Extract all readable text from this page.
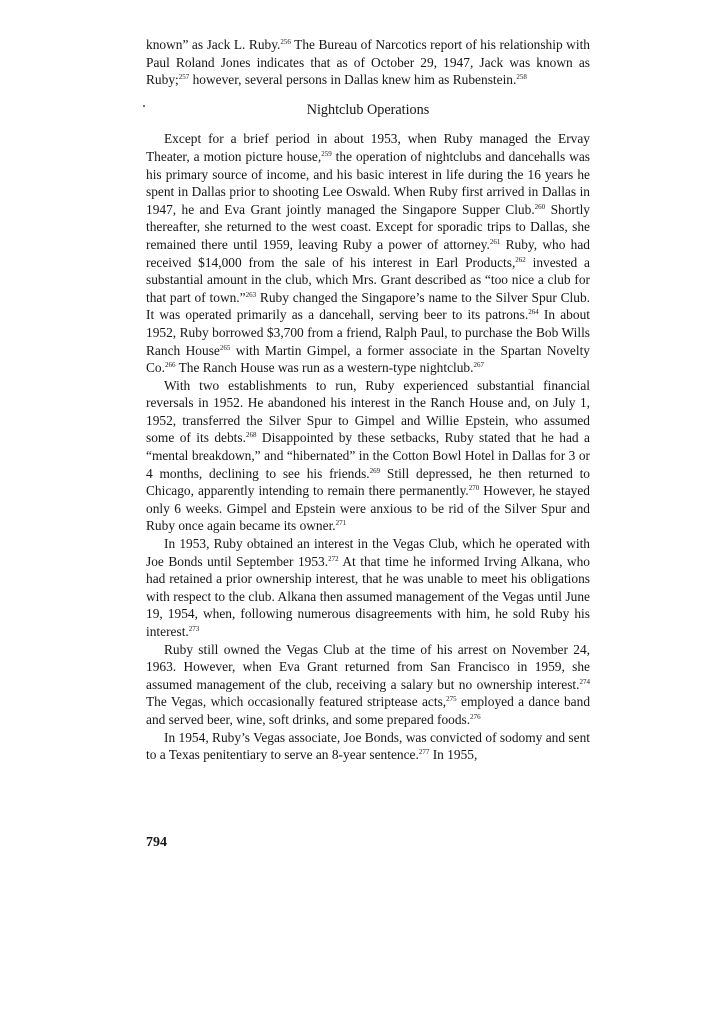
known” as Jack L. Ruby.$^{256}$ The Bureau of Narcotics report of his relationship with Paul Roland Jones indicates that as of October 29, 1947, Jack was known as Ruby;$^{257}$ however, several persons in Dallas knew him as Rubenstein.$^{258}$

Nightclub Operations

Except for a brief period in about 1953, when Ruby managed the Ervay Theater, a motion picture house,$^{259}$ the operation of nightclubs and dancehalls was his primary source of income, and his basic interest in life during the 16 years he spent in Dallas prior to shooting Lee Oswald. When Ruby first arrived in Dallas in 1947, he and Eva Grant jointly managed the Singapore Supper Club.$^{260}$ Shortly thereafter, she returned to the west coast. Except for sporadic trips to Dallas, she remained there until 1959, leaving Ruby a power of attorney.$^{261}$ Ruby, who had received $14,000 from the sale of his interest in Earl Products,$^{262}$ invested a substantial amount in the club, which Mrs. Grant described as “too nice a club for that part of town.”$^{263}$ Ruby changed the Singapore’s name to the Silver Spur Club. It was operated primarily as a dancehall, serving beer to its patrons.$^{264}$ In about 1952, Ruby borrowed $3,700 from a friend, Ralph Paul, to purchase the Bob Wills Ranch House$^{265}$ with Martin Gimpel, a former associate in the Spartan Novelty Co.$^{266}$ The Ranch House was run as a western-type nightclub.$^{267}$

With two establishments to run, Ruby experienced substantial financial reversals in 1952. He abandoned his interest in the Ranch House and, on July 1, 1952, transferred the Silver Spur to Gimpel and Willie Epstein, who assumed some of its debts.$^{268}$ Disappointed by these setbacks, Ruby stated that he had a “mental breakdown,” and “hibernated” in the Cotton Bowl Hotel in Dallas for 3 or 4 months, declining to see his friends.$^{269}$ Still depressed, he then returned to Chicago, apparently intending to remain there permanently.$^{270}$ However, he stayed only 6 weeks. Gimpel and Epstein were anxious to be rid of the Silver Spur and Ruby once again became its owner.$^{271}$

In 1953, Ruby obtained an interest in the Vegas Club, which he operated with Joe Bonds until September 1953.$^{272}$ At that time he informed Irving Alkana, who had retained a prior ownership interest, that he was unable to meet his obligations with respect to the club. Alkana then assumed management of the Vegas until June 19, 1954, when, following numerous disagreements with him, he sold Ruby his interest.$^{273}$

Ruby still owned the Vegas Club at the time of his arrest on November 24, 1963. However, when Eva Grant returned from San Francisco in 1959, she assumed management of the club, receiving a salary but no ownership interest.$^{274}$ The Vegas, which occasionally featured striptease acts,$^{275}$ employed a dance band and served beer, wine, soft drinks, and some prepared foods.$^{276}$

In 1954, Ruby’s Vegas associate, Joe Bonds, was convicted of sodomy and sent to a Texas penitentiary to serve an 8-year sentence.$^{277}$ In 1955,

794
